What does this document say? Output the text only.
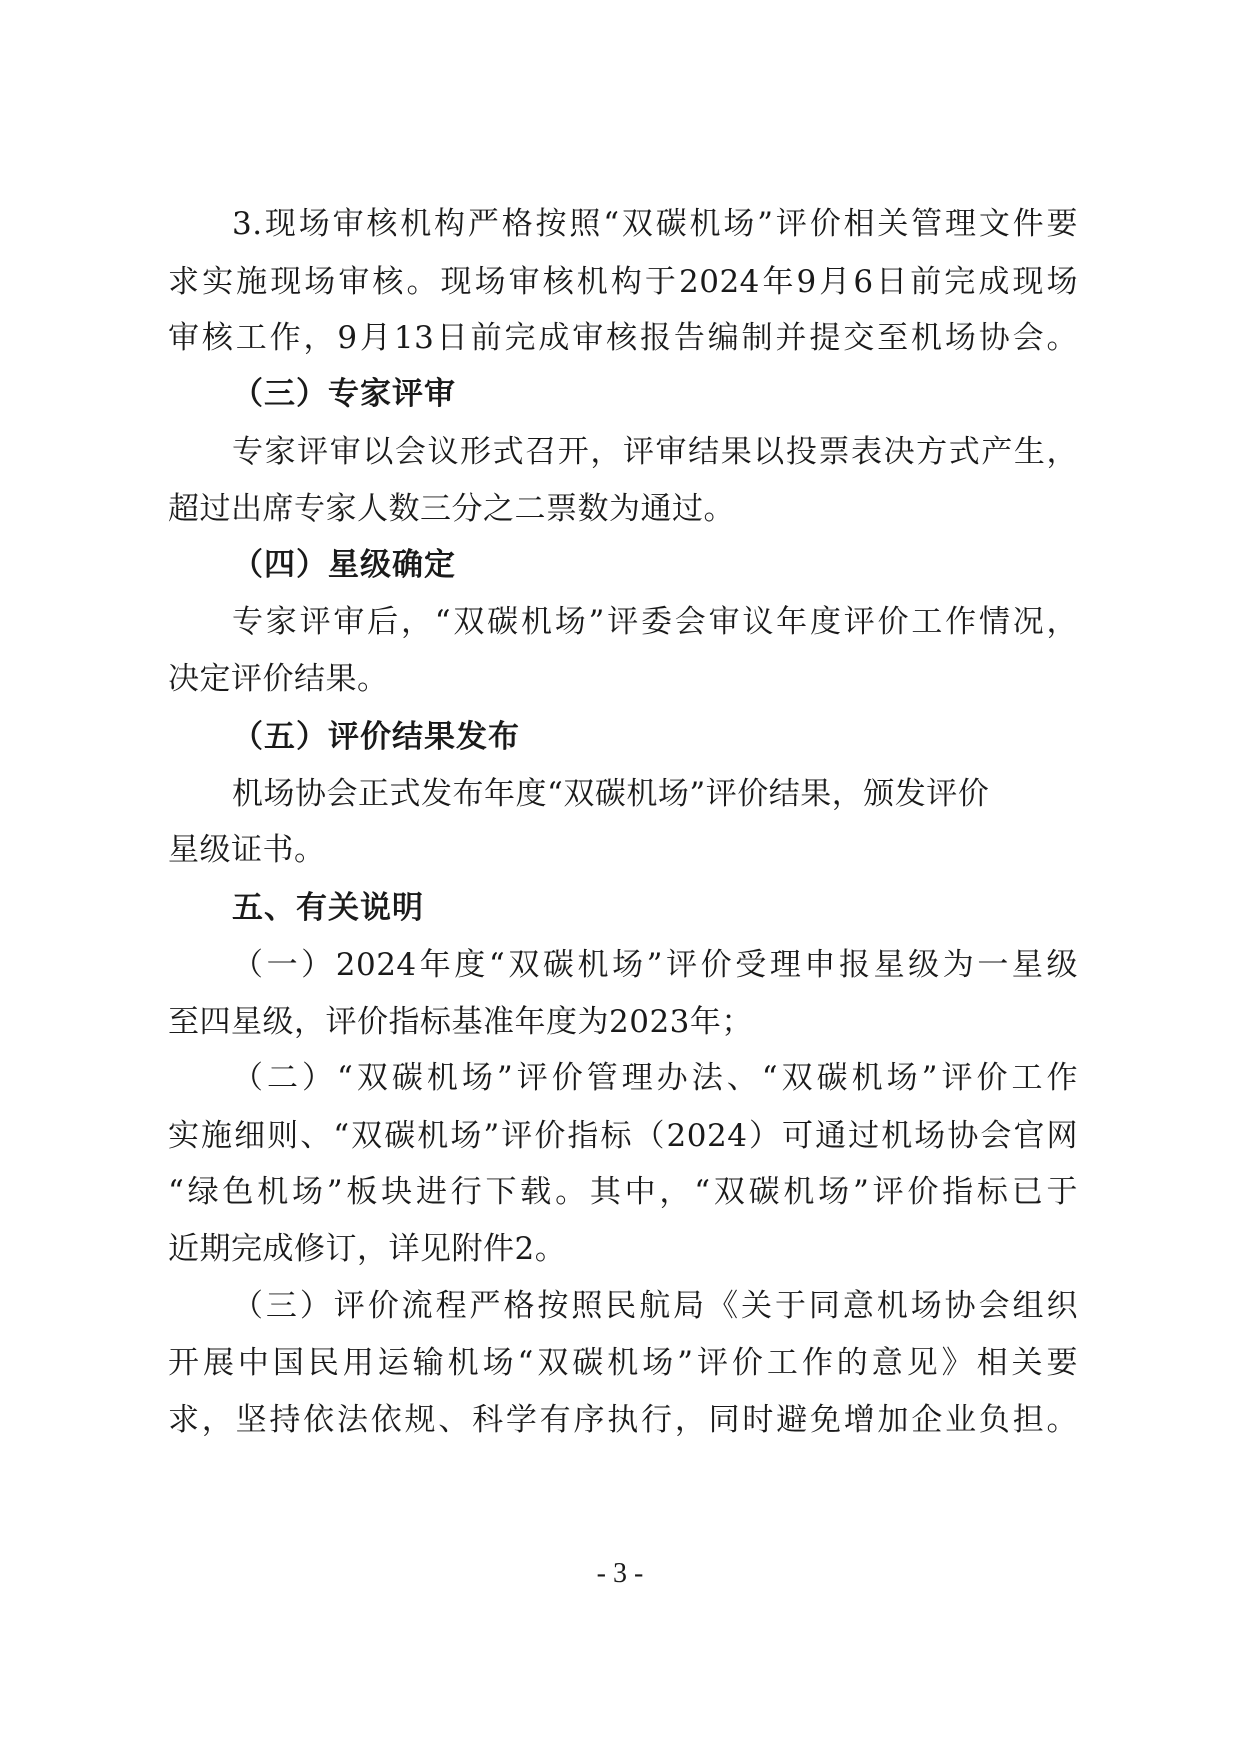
3.现场审核机构严格按照“双碳机场”评价相关管理文件要
求实施现场审核。现场审核机构于2024年9月6日前完成现场
审核工作，9月13日前完成审核报告编制并提交至机场协会。
（三）专家评审
专家评审以会议形式召开，评审结果以投票表决方式产生，
超过出席专家人数三分之二票数为通过。
（四）星级确定
专家评审后，“双碳机场”评委会审议年度评价工作情况，
决定评价结果。
（五）评价结果发布
机场协会正式发布年度“双碳机场”评价结果，颁发评价
星级证书。
五、有关说明
（一）2024年度“双碳机场”评价受理申报星级为一星级
至四星级，评价指标基准年度为2023年；
（二）“双碳机场”评价管理办法、“双碳机场”评价工作
实施细则、“双碳机场”评价指标（2024）可通过机场协会官网
“绿色机场”板块进行下载。其中，“双碳机场”评价指标已于
近期完成修订，详见附件2。
（三）评价流程严格按照民航局《关于同意机场协会组织
开展中国民用运输机场“双碳机场”评价工作的意见》相关要
求，坚持依法依规、科学有序执行，同时避免增加企业负担。
- 3 -
